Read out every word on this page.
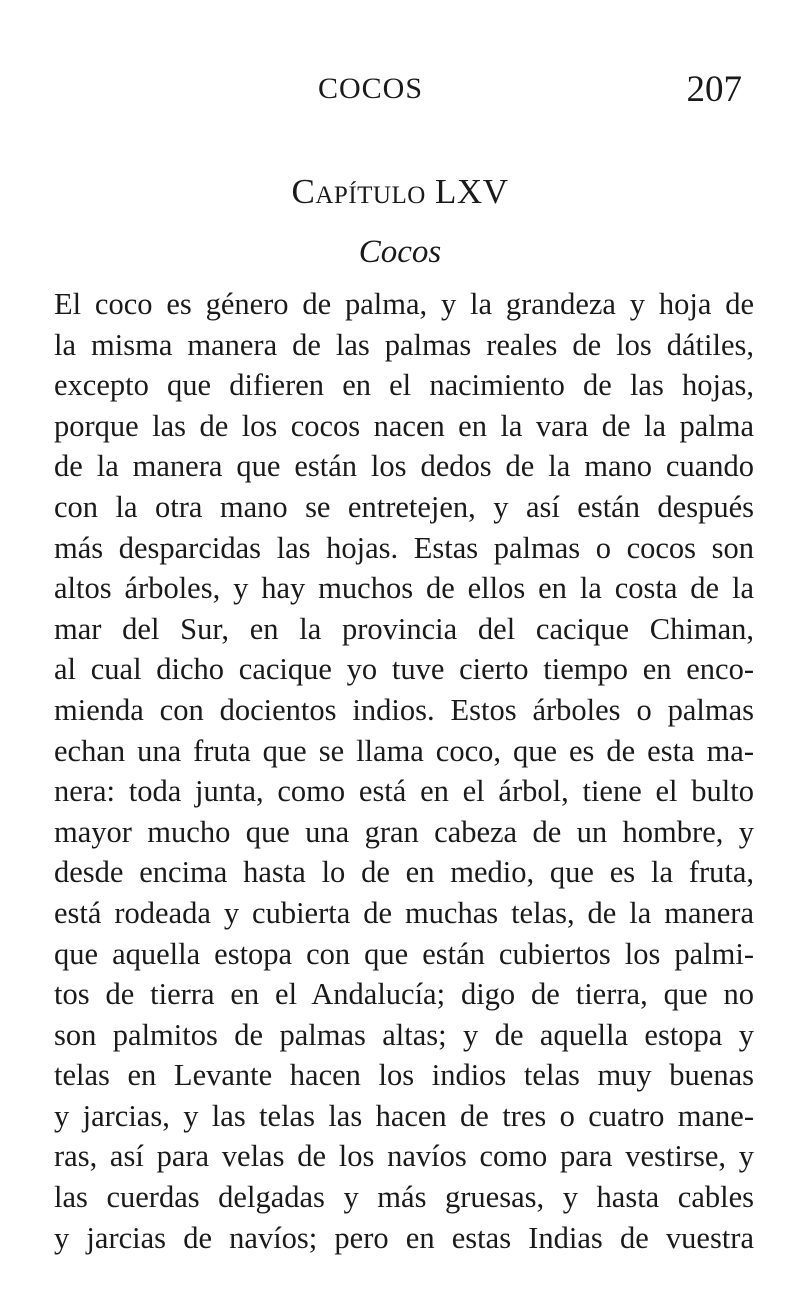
COCOS	207
Capítulo LXV
Cocos
El coco es género de palma, y la grandeza y hoja de
la misma manera de las palmas reales de los dátiles,
excepto que difieren en el nacimiento de las hojas,
porque las de los cocos nacen en la vara de la palma
de la manera que están los dedos de la mano cuando
con la otra mano se entretejen, y así están después
más desparcidas las hojas. Estas palmas o cocos son
altos árboles, y hay muchos de ellos en la costa de la
mar del Sur, en la provincia del cacique Chiman,
al cual dicho cacique yo tuve cierto tiempo en enco-
mienda con docientos indios. Estos árboles o palmas
echan una fruta que se llama coco, que es de esta ma-
nera: toda junta, como está en el árbol, tiene el bulto
mayor mucho que una gran cabeza de un hombre, y
desde encima hasta lo de en medio, que es la fruta,
está rodeada y cubierta de muchas telas, de la manera
que aquella estopa con que están cubiertos los palmi-
tos de tierra en el Andalucía; digo de tierra, que no
son palmitos de palmas altas; y de aquella estopa y
telas en Levante hacen los indios telas muy buenas
y jarcias, y las telas las hacen de tres o cuatro mane-
ras, así para velas de los navíos como para vestirse, y
las cuerdas delgadas y más gruesas, y hasta cables
y jarcias de navíos; pero en estas Indias de vuestra
